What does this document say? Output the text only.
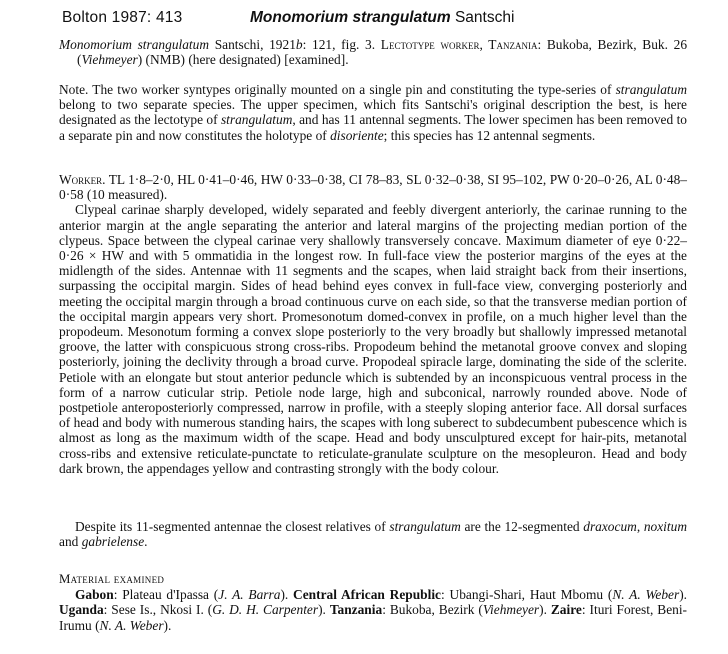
Bolton 1987: 413	Monomorium strangulatum Santschi

Monomorium strangulatum Santschi, 1921b: 121, fig. 3. Lectotype worker, Tanzania: Bukoba, Bezirk, Buk. 26 (Viehmeyer) (NMB) (here designated) [examined].

Note. The two worker syntypes originally mounted on a single pin and constituting the type-series of strangulatum belong to two separate species. The upper specimen, which fits Santschi's original description the best, is here designated as the lectotype of strangulatum, and has 11 antennal segments. The lower specimen has been removed to a separate pin and now constitutes the holotype of disoriente; this species has 12 antennal segments.

Worker. TL 1·8–2·0, HL 0·41–0·46, HW 0·33–0·38, CI 78–83, SL 0·32–0·38, SI 95–102, PW 0·20–0·26, AL 0·48–0·58 (10 measured).

Clypeal carinae sharply developed, widely separated and feebly divergent anteriorly, the carinae running to the anterior margin at the angle separating the anterior and lateral margins of the projecting median portion of the clypeus. Space between the clypeal carinae very shallowly transversely concave. Maximum diameter of eye 0·22–0·26 × HW and with 5 ommatidia in the longest row. In full-face view the posterior margins of the eyes at the midlength of the sides. Antennae with 11 segments and the scapes, when laid straight back from their insertions, surpassing the occipital margin. Sides of head behind eyes convex in full-face view, converging posteriorly and meeting the occipital margin through a broad continuous curve on each side, so that the transverse median portion of the occipital margin appears very short. Promesonotum domed-convex in profile, on a much higher level than the propodeum. Mesonotum forming a convex slope posteriorly to the very broadly but shallowly impressed metanotal groove, the latter with conspicuous strong cross-ribs. Propodeum behind the metanotal groove convex and sloping posteriorly, joining the declivity through a broad curve. Propodeal spiracle large, dominating the side of the sclerite. Petiole with an elongate but stout anterior peduncle which is subtended by an inconspicuous ventral process in the form of a narrow cuticular strip. Petiole node large, high and subconical, narrowly rounded above. Node of postpetiole anteroposteriorly compressed, narrow in profile, with a steeply sloping anterior face. All dorsal surfaces of head and body with numerous standing hairs, the scapes with long suberect to subdecumbent pubescence which is almost as long as the maximum width of the scape. Head and body unsculptured except for hair-pits, metanotal cross-ribs and extensive reticulate-punctate to reticulate-granulate sculpture on the mesopleuron. Head and body dark brown, the appendages yellow and contrasting strongly with the body colour.

Despite its 11-segmented antennae the closest relatives of strangulatum are the 12-segmented draxocum, noxitum and gabrielense.

Material examined

Gabon: Plateau d'Ipassa (J. A. Barra). Central African Republic: Ubangi-Shari, Haut Mbomu (N. A. Weber). Uganda: Sese Is., Nkosi I. (G. D. H. Carpenter). Tanzania: Bukoba, Bezirk (Viehmeyer). Zaire: Ituri Forest, Beni-Irumu (N. A. Weber).
